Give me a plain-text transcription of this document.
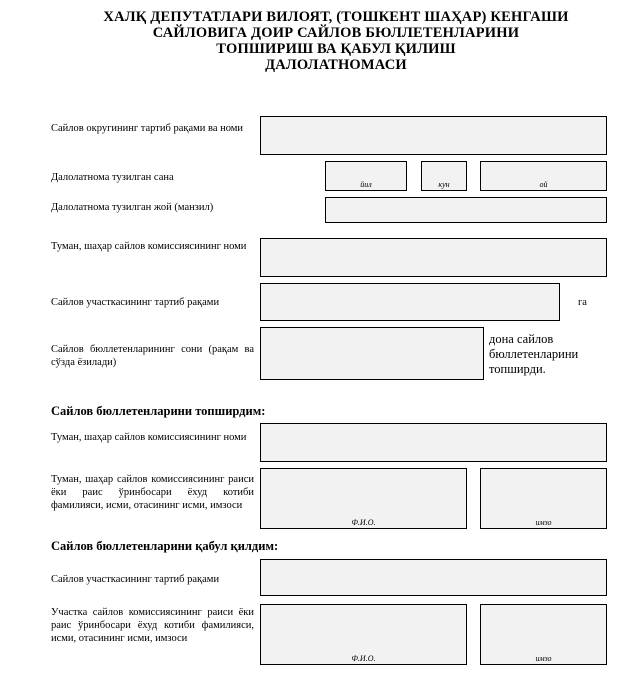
ХАЛҚ ДЕПУТАТЛАРИ ВИЛОЯТ, (ТОШКЕНТ ШАҲАР) КЕНГАШИ
САЙЛОВИГА ДОИР САЙЛОВ БЮЛЛЕТЕНЛАРИНИ
ТОПШИРИШ ВА ҚАБУЛ ҚИЛИШ
ДАЛОЛАТНОМАСИ
Сайлов округининг тартиб рақами ва номи
Далолатнома тузилган сана
йил	кун	ой
Далолатнома тузилган жой (манзил)
Туман, шаҳар сайлов комиссиясининг номи
Сайлов участкасининг тартиб рақами	га
Сайлов бюллетенларининг сони (рақам ва сўзда ёзилади)
дона сайлов бюллетенларини топширди.
Сайлов бюллетенларини топширдим:
Туман, шаҳар сайлов комиссиясининг номи
Туман, шаҳар сайлов комиссиясининг раиси ёки раис ўринбосари ёхуд котиби фамилияси, исми, отасининг исми, имзоси
Ф.И.О.	имзо
Сайлов бюллетенларини қабул қилдим:
Сайлов участкасининг тартиб рақами
Участка сайлов комиссиясининг раиси ёки раис ўринбосари ёхуд котиби фамилияси, исми, отасининг исми, имзоси
Ф.И.О.	имзо
